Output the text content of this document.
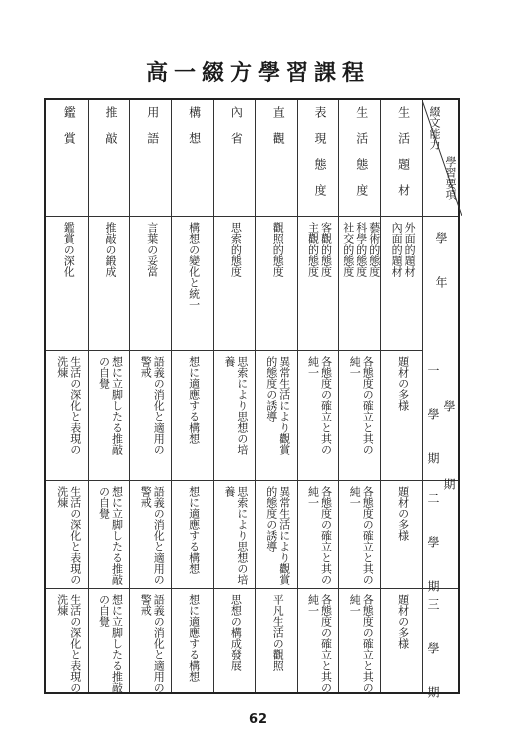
高一綴方學習課程
綴文能力
學習要項
學　年
學　　期
一　學　期
二　學　期
三　學　期
生活題材
外面的題材
內面的題材
題材の多様
題材の多様
題材の多様
生活態度
藝術的態度
科學的態度
社交的態度
各態度の確立と其の
純一
各態度の確立と其の
純一
各態度の確立と其の
純一
表現態度
客觀的態度
主觀的態度
各態度の確立と其の
純一
各態度の確立と其の
純一
各態度の確立と其の
純一
直觀
觀照的態度
異常生活により觀賞
的態度の誘導
異常生活により觀賞
的態度の誘導
平凡生活の觀照
內省
思索的態度
思索により思想の培
養
思索により思想の培
養
思想の構成發展
構想
構想の變化と統一
想に適應する構想
想に適應する構想
想に適應する構想
用語
言葉の妥當
語義の消化と適用の
警戒
語義の消化と適用の
警戒
語義の消化と適用の
警戒
推敲
推敲の鍛成
想に立脚したる推敲
の自覺
想に立脚したる推敲
の自覺
想に立脚したる推敲
の自覺
鑑賞
鑑賞の深化
生活の深化と表現の
洗煉
生活の深化と表現の
洗煉
生活の深化と表現の
洗煉
62
